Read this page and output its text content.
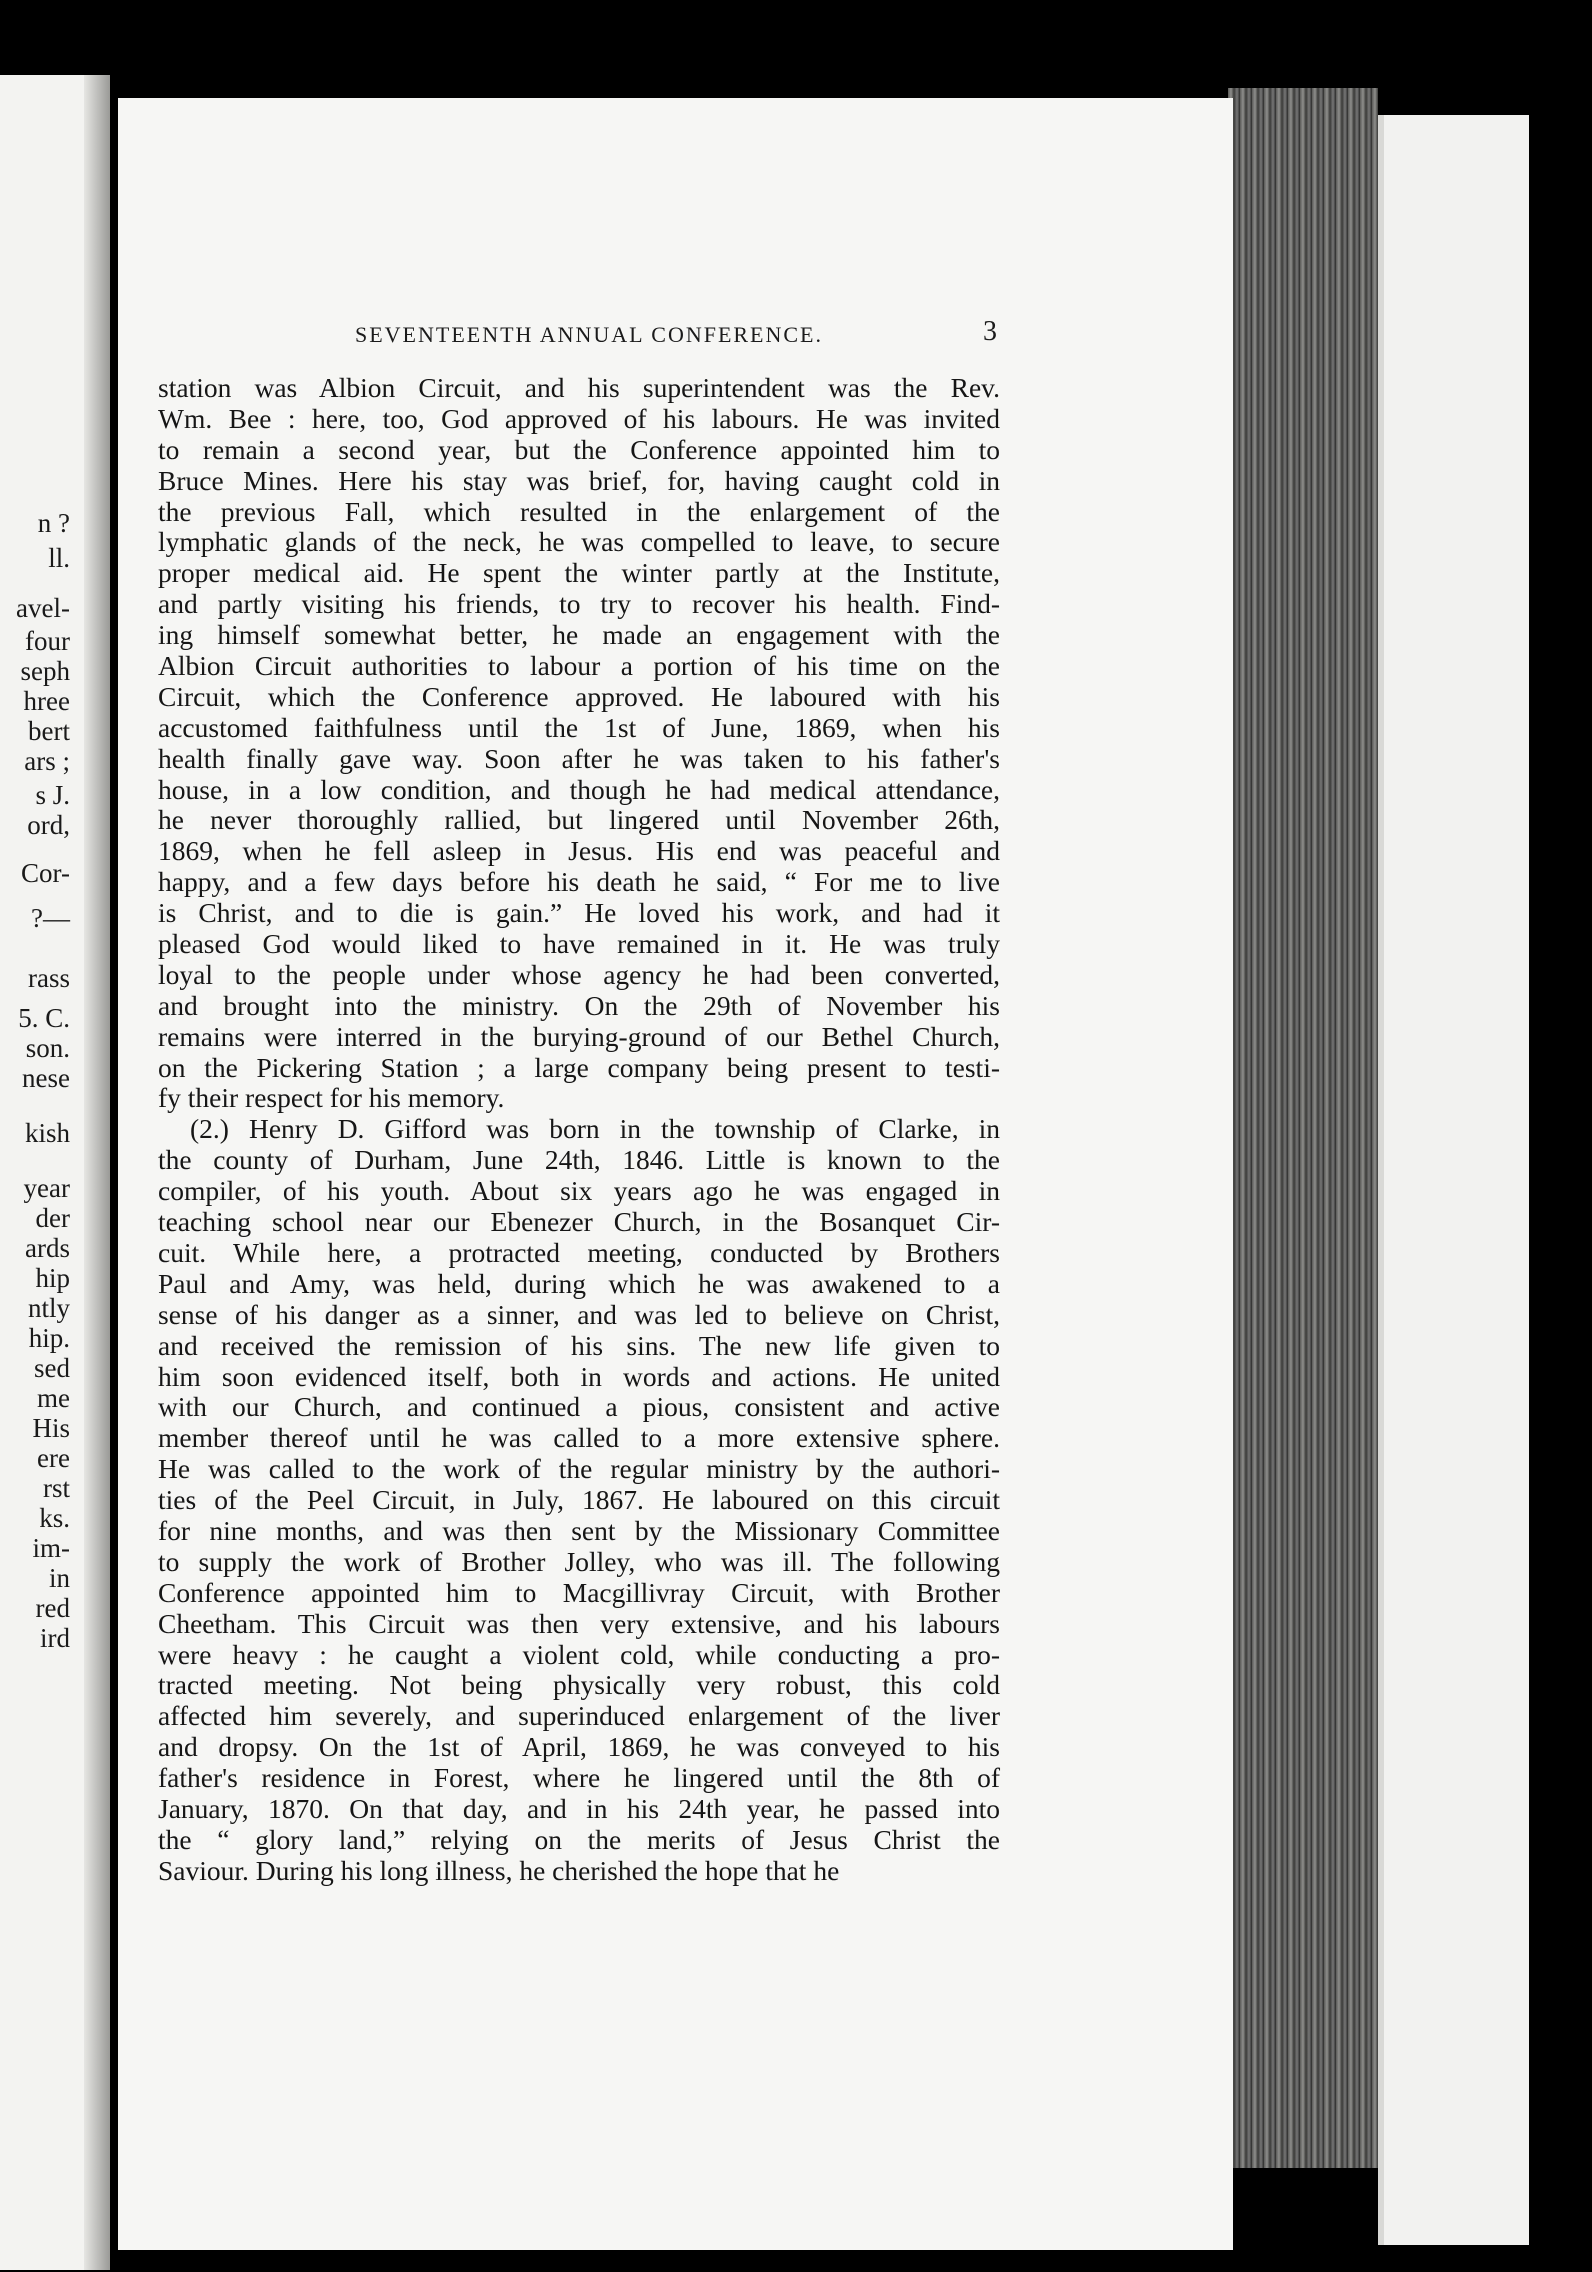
n ?
ll.
avel-
four
seph
hree
bert
ars ;
s J.
ord,
Cor-
?—
rass
5. C.
son.
nese
kish
year
der
ards
hip
ntly
hip.
sed
me
His
ere
rst
ks.
im-
in
red
ird
SEVENTEENTH ANNUAL CONFERENCE.	3
station was Albion Circuit, and his superintendent was the Rev.
Wm. Bee : here, too, God approved of his labours. He was invited
to remain a second year, but the Conference appointed him to
Bruce Mines. Here his stay was brief, for, having caught cold in
the previous Fall, which resulted in the enlargement of the
lymphatic glands of the neck, he was compelled to leave, to secure
proper medical aid. He spent the winter partly at the Institute,
and partly visiting his friends, to try to recover his health. Find-
ing himself somewhat better, he made an engagement with the
Albion Circuit authorities to labour a portion of his time on the
Circuit, which the Conference approved. He laboured with his
accustomed faithfulness until the 1st of June, 1869, when his
health finally gave way. Soon after he was taken to his father's
house, in a low condition, and though he had medical attendance,
he never thoroughly rallied, but lingered until November 26th,
1869, when he fell asleep in Jesus. His end was peaceful and
happy, and a few days before his death he said, “ For me to live
is Christ, and to die is gain.” He loved his work, and had it
pleased God would liked to have remained in it. He was truly
loyal to the people under whose agency he had been converted,
and brought into the ministry. On the 29th of November his
remains were interred in the burying-ground of our Bethel Church,
on the Pickering Station ; a large company being present to testi-
fy their respect for his memory.
(2.) Henry D. Gifford was born in the township of Clarke, in
the county of Durham, June 24th, 1846. Little is known to the
compiler, of his youth. About six years ago he was engaged in
teaching school near our Ebenezer Church, in the Bosanquet Cir-
cuit. While here, a protracted meeting, conducted by Brothers
Paul and Amy, was held, during which he was awakened to a
sense of his danger as a sinner, and was led to believe on Christ,
and received the remission of his sins. The new life given to
him soon evidenced itself, both in words and actions. He united
with our Church, and continued a pious, consistent and active
member thereof until he was called to a more extensive sphere.
He was called to the work of the regular ministry by the authori-
ties of the Peel Circuit, in July, 1867. He laboured on this circuit
for nine months, and was then sent by the Missionary Committee
to supply the work of Brother Jolley, who was ill. The following
Conference appointed him to Macgillivray Circuit, with Brother
Cheetham. This Circuit was then very extensive, and his labours
were heavy : he caught a violent cold, while conducting a pro-
tracted meeting. Not being physically very robust, this cold
affected him severely, and superinduced enlargement of the liver
and dropsy. On the 1st of April, 1869, he was conveyed to his
father's residence in Forest, where he lingered until the 8th of
January, 1870. On that day, and in his 24th year, he passed into
the “ glory land,” relying on the merits of Jesus Christ the
Saviour. During his long illness, he cherished the hope that he
